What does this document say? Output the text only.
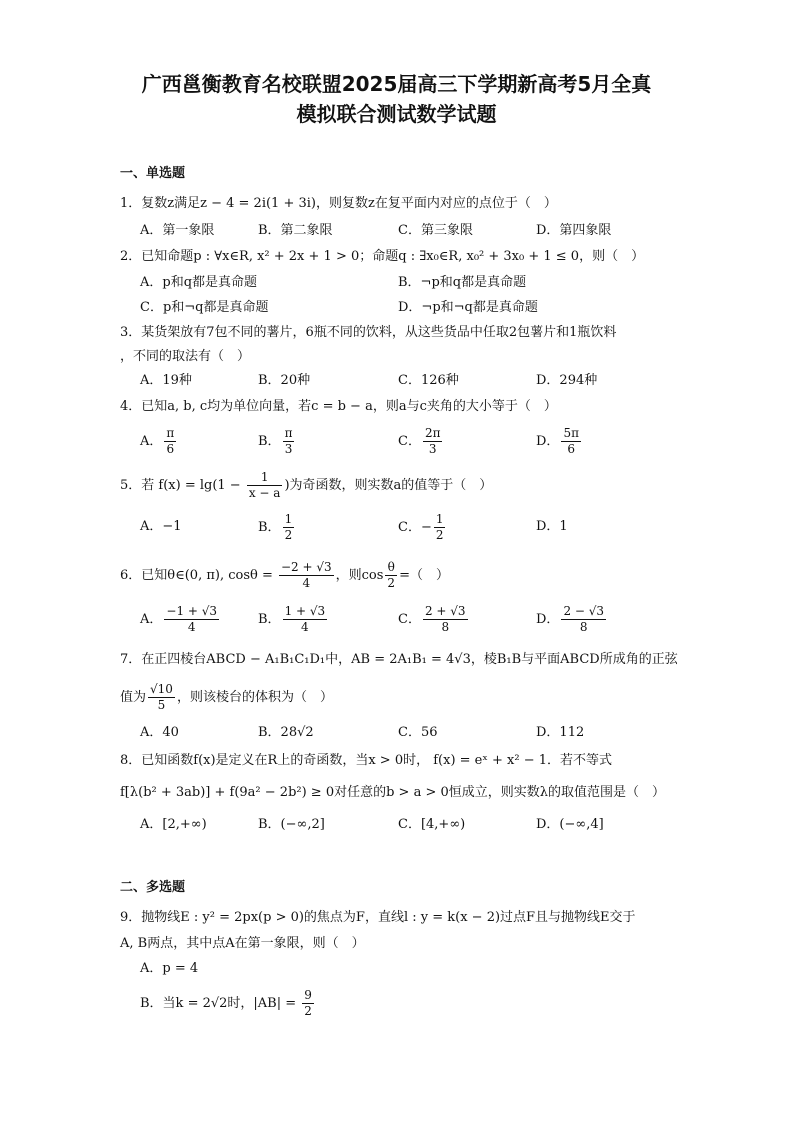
广西邕衡教育名校联盟2025届高三下学期新高考5月全真
模拟联合测试数学试题
一、单选题
1．复数z满足z − 4 = 2i(1 + 3i)，则复数z在复平面内对应的点位于（　）
A．第一象限	B．第二象限	C．第三象限	D．第四象限
2．已知命题p : ∀x∈R, x² + 2x + 1 > 0；命题q : ∃x₀∈R, x₀² + 3x₀ + 1 ≤ 0，则（　）
A．p和q都是真命题	B．¬p和q都是真命题
C．p和¬q都是真命题	D．¬p和¬q都是真命题
3．某货架放有7包不同的薯片，6瓶不同的饮料，从这些货品中任取2包薯片和1瓶饮料
，不同的取法有（　）
A．19种	B．20种	C．126种	D．294种
4．已知a, b, c均为单位向量，若c = b − a，则a与c夹角的大小等于（　）
A． $\frac{\pi}{6}$	B． $\frac{\pi}{3}$	C． $\frac{2\pi}{3}$	D． $\frac{5\pi}{6}$
5．若 $f(x) = \lg(1 - \frac{1}{x - a}$ )为奇函数，则实数a的值等于（　）
A．−1	B． $\frac{1}{2}$	C．− $\frac{1}{2}$	D．1
6．已知θ∈(0, π), $\cos\theta = \frac{-2 + √3}{4}$ ，则$\cos \frac{\theta}{2}$ =（　）
A． $\frac{-1 + √3}{4}$	B． $\frac{1 + √3}{4}$	C． $\frac{2 + √3}{8}$	D． $\frac{2 - √3}{8}$
7．在正四棱台ABCD − A₁B₁C₁D₁中，AB = 2A₁B₁ = 4√3，棱B₁B与平面ABCD所成角的正弦
值为 $\frac{√10}{5}$ ，则该棱台的体积为（　）
A．40	B．28√2	C．56	D．112
8．已知函数f(x)是定义在R上的奇函数，当x > 0时， f(x) = eˣ + x² − 1．若不等式
f[λ(b² + 3ab)] + f(9a² − 2b²) ≥ 0对任意的b > a > 0恒成立，则实数λ的取值范围是（　）
A．[2,+∞)	B．(−∞,2]	C．[4,+∞)	D．(−∞,4]
二、多选题
9．抛物线E : y² = 2px(p > 0)的焦点为F，直线l : y = k(x − 2)过点F且与抛物线E交于
A, B两点，其中点A在第一象限，则（　）
A．p = 4
B．当k = 2√2时，$|AB| = \frac{9}{2}$
